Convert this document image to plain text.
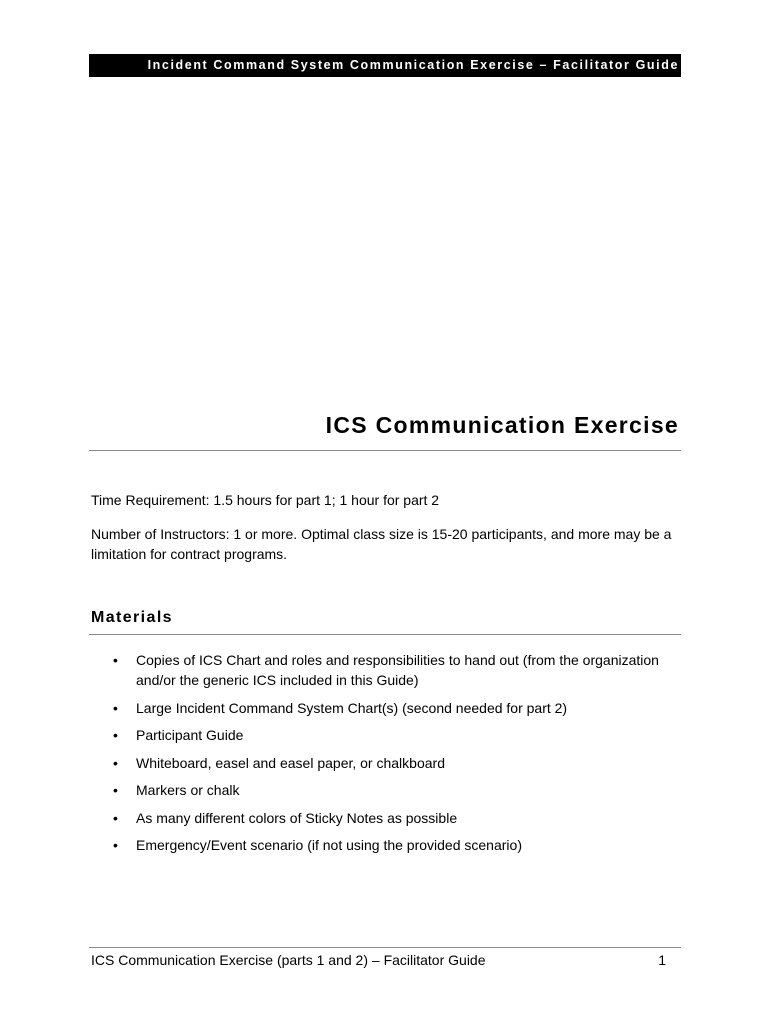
Incident Command System Communication Exercise – Facilitator Guide
ICS Communication Exercise
Time Requirement: 1.5 hours for part 1; 1 hour for part 2
Number of Instructors: 1 or more. Optimal class size is 15-20 participants, and more may be a limitation for contract programs.
Materials
• Copies of ICS Chart and roles and responsibilities to hand out (from the organization and/or the generic ICS included in this Guide)
• Large Incident Command System Chart(s) (second needed for part 2)
• Participant Guide
• Whiteboard, easel and easel paper, or chalkboard
• Markers or chalk
• As many different colors of Sticky Notes as possible
• Emergency/Event scenario (if not using the provided scenario)
ICS Communication Exercise (parts 1 and 2) – Facilitator Guide	1
